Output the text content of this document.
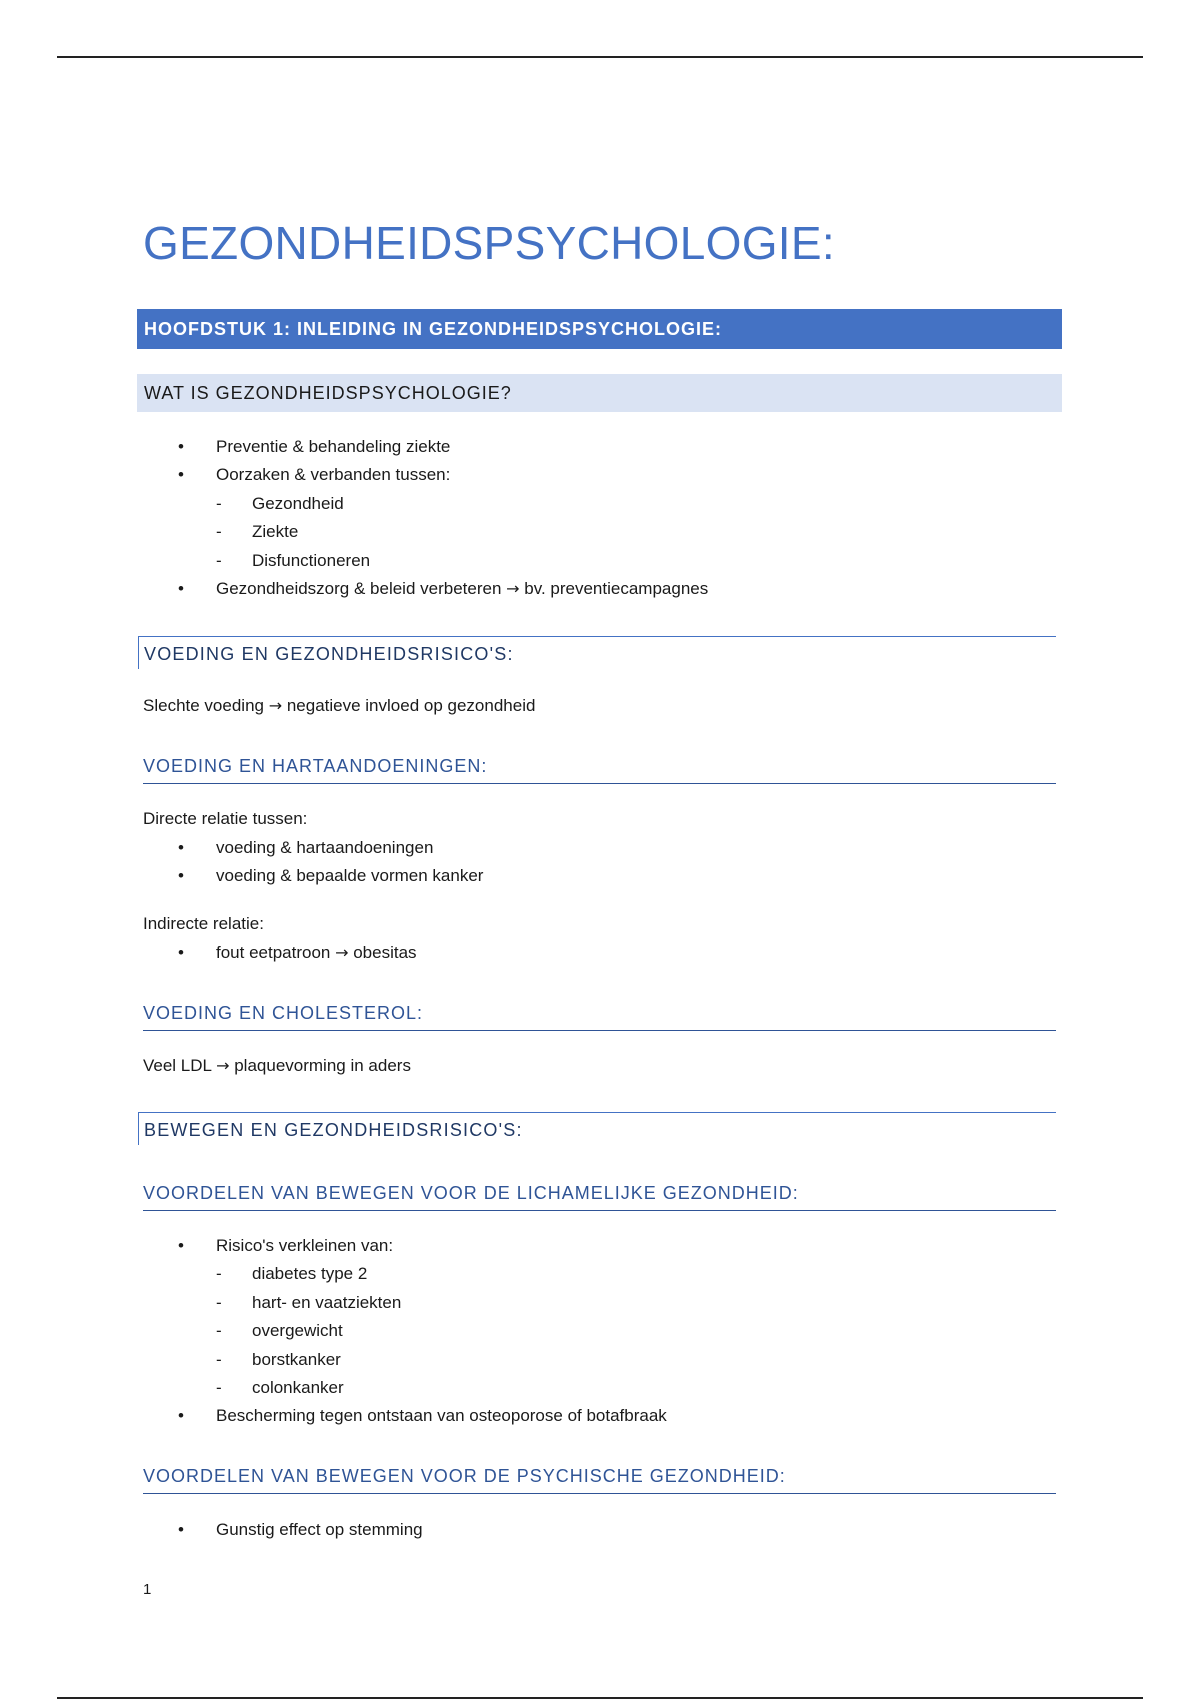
GEZONDHEIDSPSYCHOLOGIE:
HOOFDSTUK 1: INLEIDING IN GEZONDHEIDSPSYCHOLOGIE:
WAT IS GEZONDHEIDSPSYCHOLOGIE?
• Preventie & behandeling ziekte
• Oorzaken & verbanden tussen:
- Gezondheid
- Ziekte
- Disfunctioneren
• Gezondheidszorg & beleid verbeteren → bv. preventiecampagnes
VOEDING EN GEZONDHEIDSRISICO'S:
Slechte voeding → negatieve invloed op gezondheid
VOEDING EN HARTAANDOENINGEN:
Directe relatie tussen:
• voeding & hartaandoeningen
• voeding & bepaalde vormen kanker
Indirecte relatie:
• fout eetpatroon → obesitas
VOEDING EN CHOLESTEROL:
Veel LDL → plaquevorming in aders
BEWEGEN EN GEZONDHEIDSRISICO'S:
VOORDELEN VAN BEWEGEN VOOR DE LICHAMELIJKE GEZONDHEID:
• Risico's verkleinen van:
- diabetes type 2
- hart- en vaatziekten
- overgewicht
- borstkanker
- colonkanker
• Bescherming tegen ontstaan van osteoporose of botafbraak
VOORDELEN VAN BEWEGEN VOOR DE PSYCHISCHE GEZONDHEID:
• Gunstig effect op stemming
1
